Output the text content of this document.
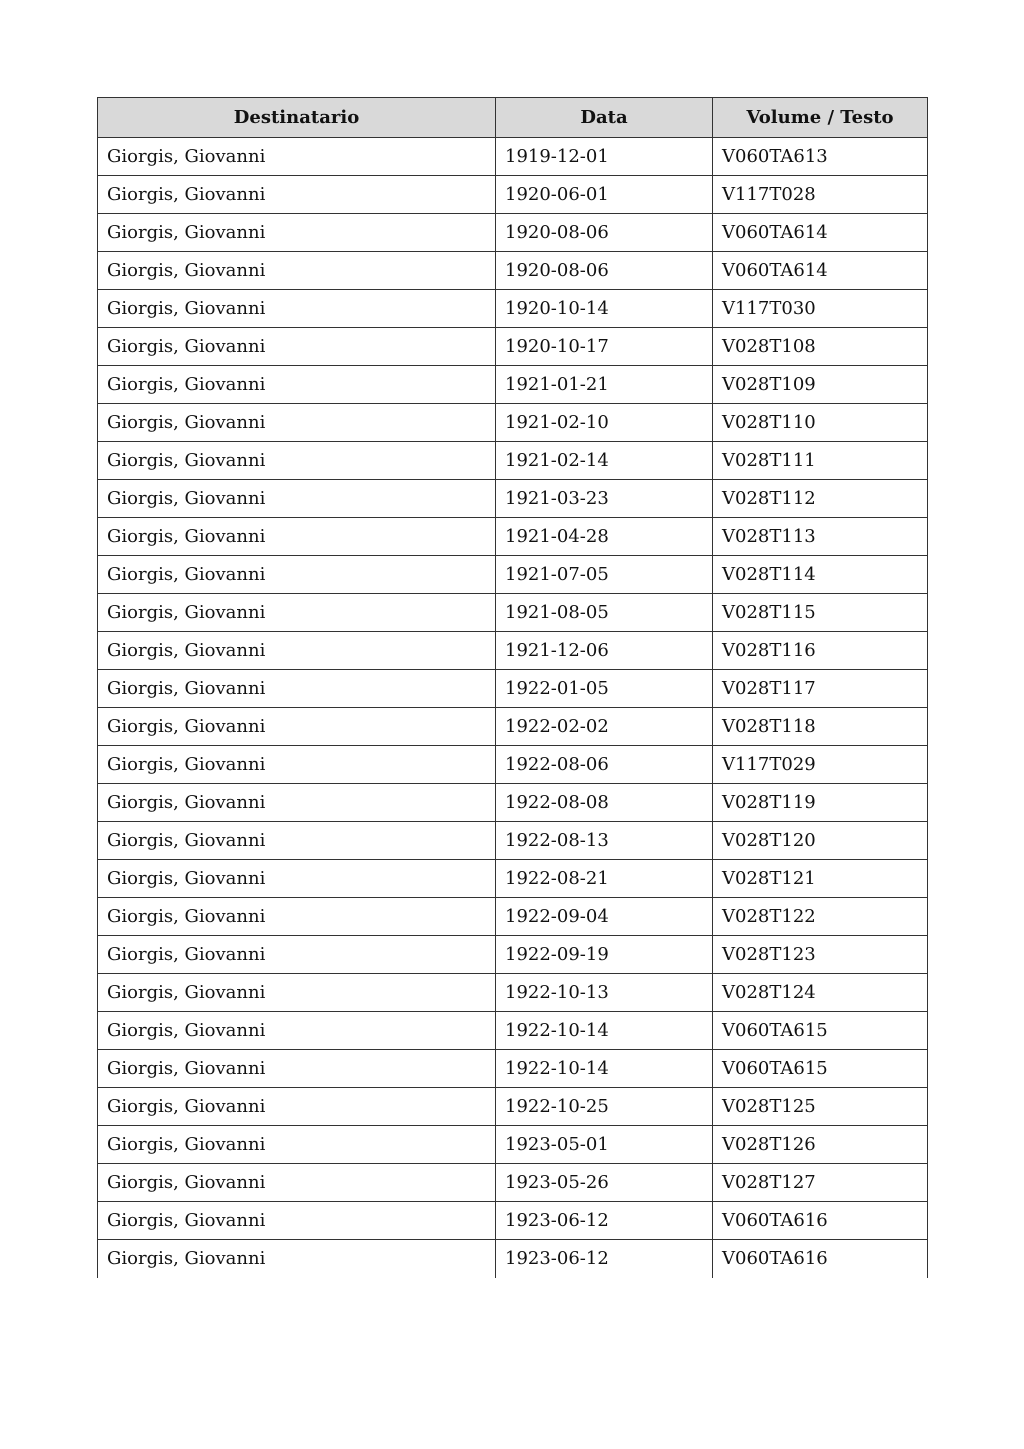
Destinatario	Data	Volume / Testo
Giorgis, Giovanni	1919-12-01	V060TA613
Giorgis, Giovanni	1920-06-01	V117T028
Giorgis, Giovanni	1920-08-06	V060TA614
Giorgis, Giovanni	1920-08-06	V060TA614
Giorgis, Giovanni	1920-10-14	V117T030
Giorgis, Giovanni	1920-10-17	V028T108
Giorgis, Giovanni	1921-01-21	V028T109
Giorgis, Giovanni	1921-02-10	V028T110
Giorgis, Giovanni	1921-02-14	V028T111
Giorgis, Giovanni	1921-03-23	V028T112
Giorgis, Giovanni	1921-04-28	V028T113
Giorgis, Giovanni	1921-07-05	V028T114
Giorgis, Giovanni	1921-08-05	V028T115
Giorgis, Giovanni	1921-12-06	V028T116
Giorgis, Giovanni	1922-01-05	V028T117
Giorgis, Giovanni	1922-02-02	V028T118
Giorgis, Giovanni	1922-08-06	V117T029
Giorgis, Giovanni	1922-08-08	V028T119
Giorgis, Giovanni	1922-08-13	V028T120
Giorgis, Giovanni	1922-08-21	V028T121
Giorgis, Giovanni	1922-09-04	V028T122
Giorgis, Giovanni	1922-09-19	V028T123
Giorgis, Giovanni	1922-10-13	V028T124
Giorgis, Giovanni	1922-10-14	V060TA615
Giorgis, Giovanni	1922-10-14	V060TA615
Giorgis, Giovanni	1922-10-25	V028T125
Giorgis, Giovanni	1923-05-01	V028T126
Giorgis, Giovanni	1923-05-26	V028T127
Giorgis, Giovanni	1923-06-12	V060TA616
Giorgis, Giovanni	1923-06-12	V060TA616
